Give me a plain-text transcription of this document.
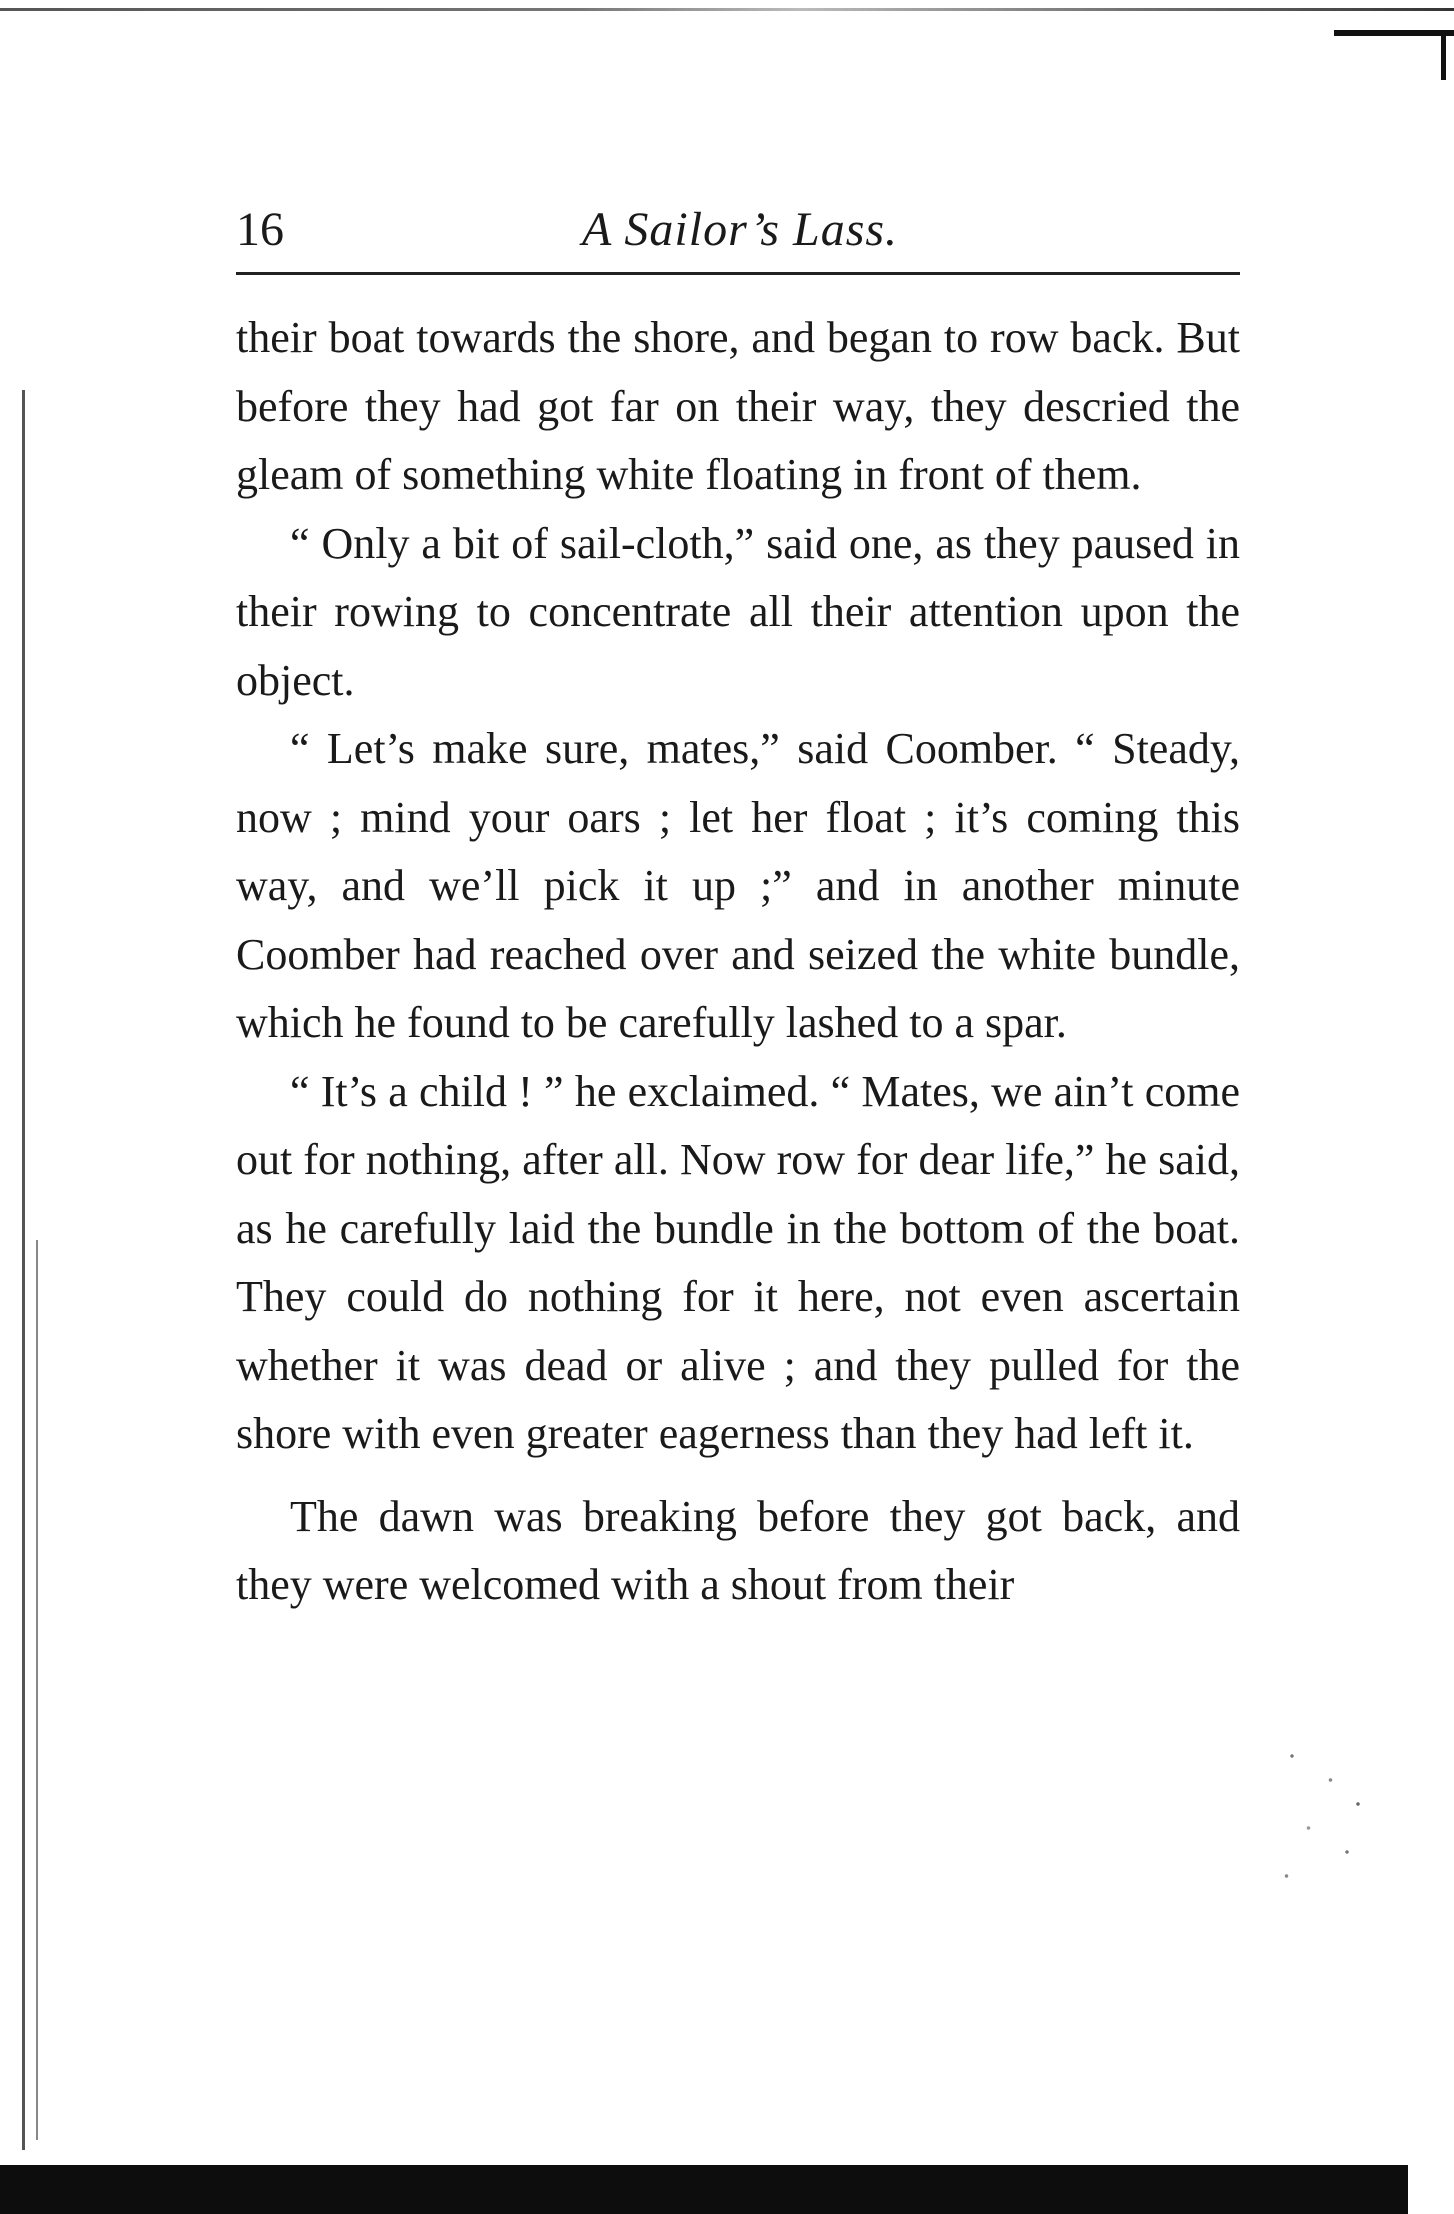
16	A Sailor’s Lass.

their boat towards the shore, and began to row back. But before they had got far on their way, they descried the gleam of something white floating in front of them.

“ Only a bit of sail-cloth,” said one, as they paused in their rowing to concentrate all their attention upon the object.

“ Let’s make sure, mates,” said Coomber. “ Steady, now ; mind your oars ; let her float ; it’s coming this way, and we’ll pick it up ;” and in another minute Coomber had reached over and seized the white bundle, which he found to be carefully lashed to a spar.

“ It’s a child ! ” he exclaimed. “ Mates, we ain’t come out for nothing, after all. Now row for dear life,” he said, as he carefully laid the bundle in the bottom of the boat. They could do nothing for it here, not even ascertain whether it was dead or alive ; and they pulled for the shore with even greater eagerness than they had left it.

The dawn was breaking before they got back, and they were welcomed with a shout from their
